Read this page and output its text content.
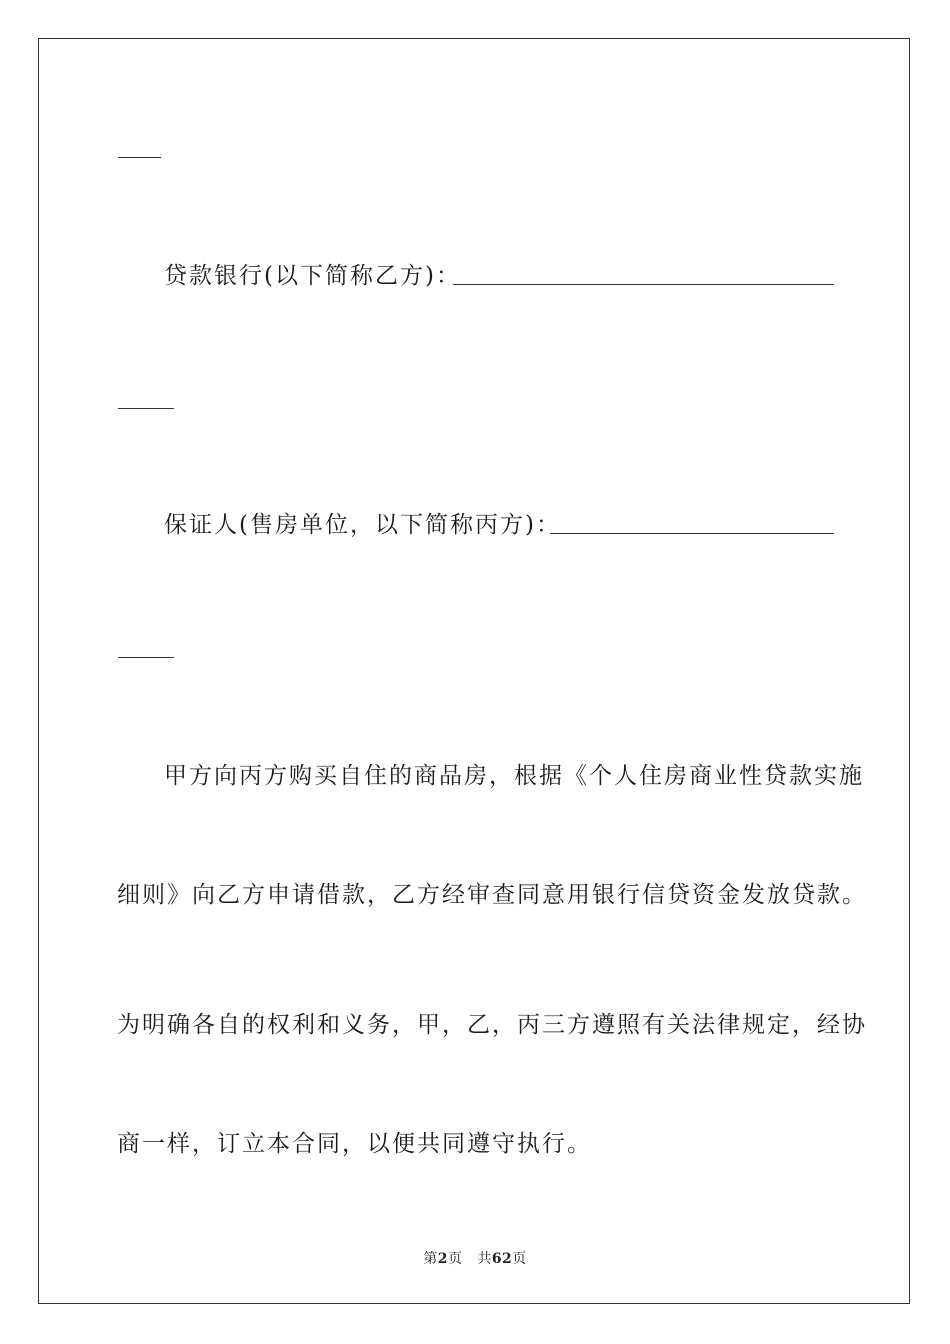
贷款银行(以下简称乙方)：
保证人(售房单位，以下简称丙方)：
甲方向丙方购买自住的商品房，根据《个人住房商业性贷款实施
细则》向乙方申请借款，乙方经审查同意用银行信贷资金发放贷款。
为明确各自的权利和义务，甲，乙，丙三方遵照有关法律规定，经协
商一样，订立本合同，以便共同遵守执行。
第2页 共62页
